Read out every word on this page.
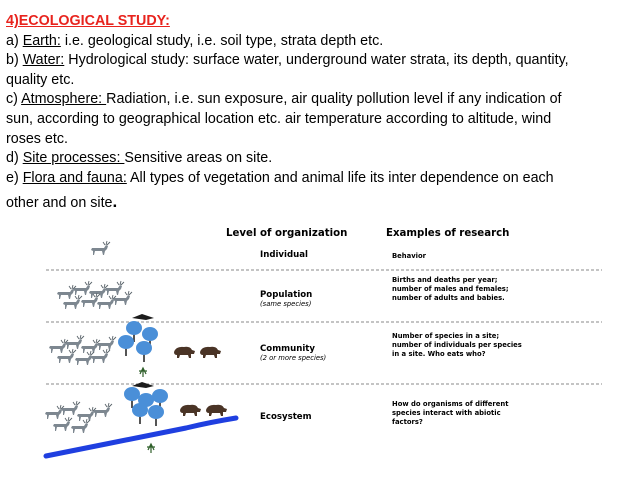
4)ECOLOGICAL STUDY:
a) Earth: i.e. geological study, i.e. soil type, strata depth etc.
b) Water: Hydrological study: surface water, underground water strata, its depth, quantity,
quality etc.
c) Atmosphere: Radiation, i.e. sun exposure, air quality pollution level if any indication of
sun, according to geographical location etc. air temperature according to altitude, wind
roses etc.
d) Site processes: Sensitive areas on site.
e) Flora and fauna: All types of vegetation and animal life its inter dependence on each
other and on site.
Level of organization	Examples of research
Individual	Behavior
Population
(same species)
Births and deaths per year; number of males and females; number of adults and babies.
Community
(2 or more species)
Number of species in a site; number of individuals per species in a site. Who eats who?
Ecosystem
How do organisms of different species interact with abiotic factors?
